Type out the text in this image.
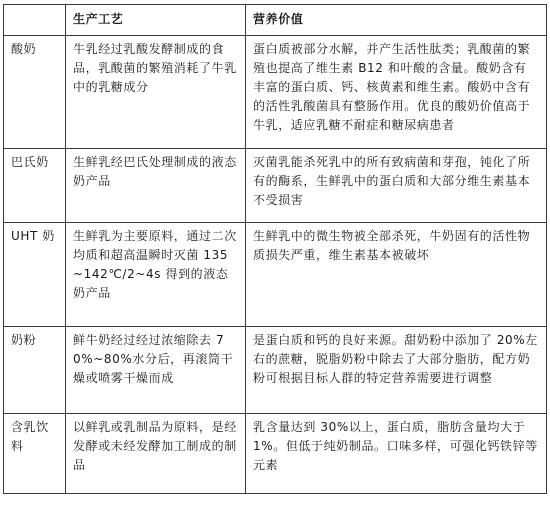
	生产工艺	营养价值
酸奶	牛乳经过乳酸发酵制成的食品，乳酸菌的繁殖消耗了牛乳中的乳糖成分	蛋白质被部分水解，并产生活性肽类；乳酸菌的繁殖也提高了维生素 B12 和叶酸的含量。酸奶含有丰富的蛋白质、钙、核黄素和维生素。酸奶中含有的活性乳酸菌具有整肠作用。优良的酸奶价值高于牛乳，适应乳糖不耐症和糖尿病患者
巴氏奶	生鲜乳经巴氏处理制成的液态奶产品	灭菌乳能杀死乳中的所有致病菌和芽孢，钝化了所有的酶系，生鲜乳中的蛋白质和大部分维生素基本不受损害
UHT 奶	生鲜乳为主要原料，通过二次均质和超高温瞬时灭菌 135~142℃/2~4s 得到的液态奶产品	生鲜乳中的微生物被全部杀死，牛奶固有的活性物质损失严重，维生素基本被破坏
奶粉	鲜牛奶经过经过浓缩除去 70%~80%水分后，再滚筒干燥或喷雾干燥而成	是蛋白质和钙的良好来源。甜奶粉中添加了 20%左右的蔗糖，脱脂奶粉中除去了大部分脂肪，配方奶粉可根据目标人群的特定营养需要进行调整
含乳饮料	以鲜乳或乳制品为原料，是经发酵或未经发酵加工制成的制品	乳含量达到 30%以上，蛋白质，脂肪含量均大于 1%。但低于纯奶制品。口味多样，可强化钙铁锌等元素
